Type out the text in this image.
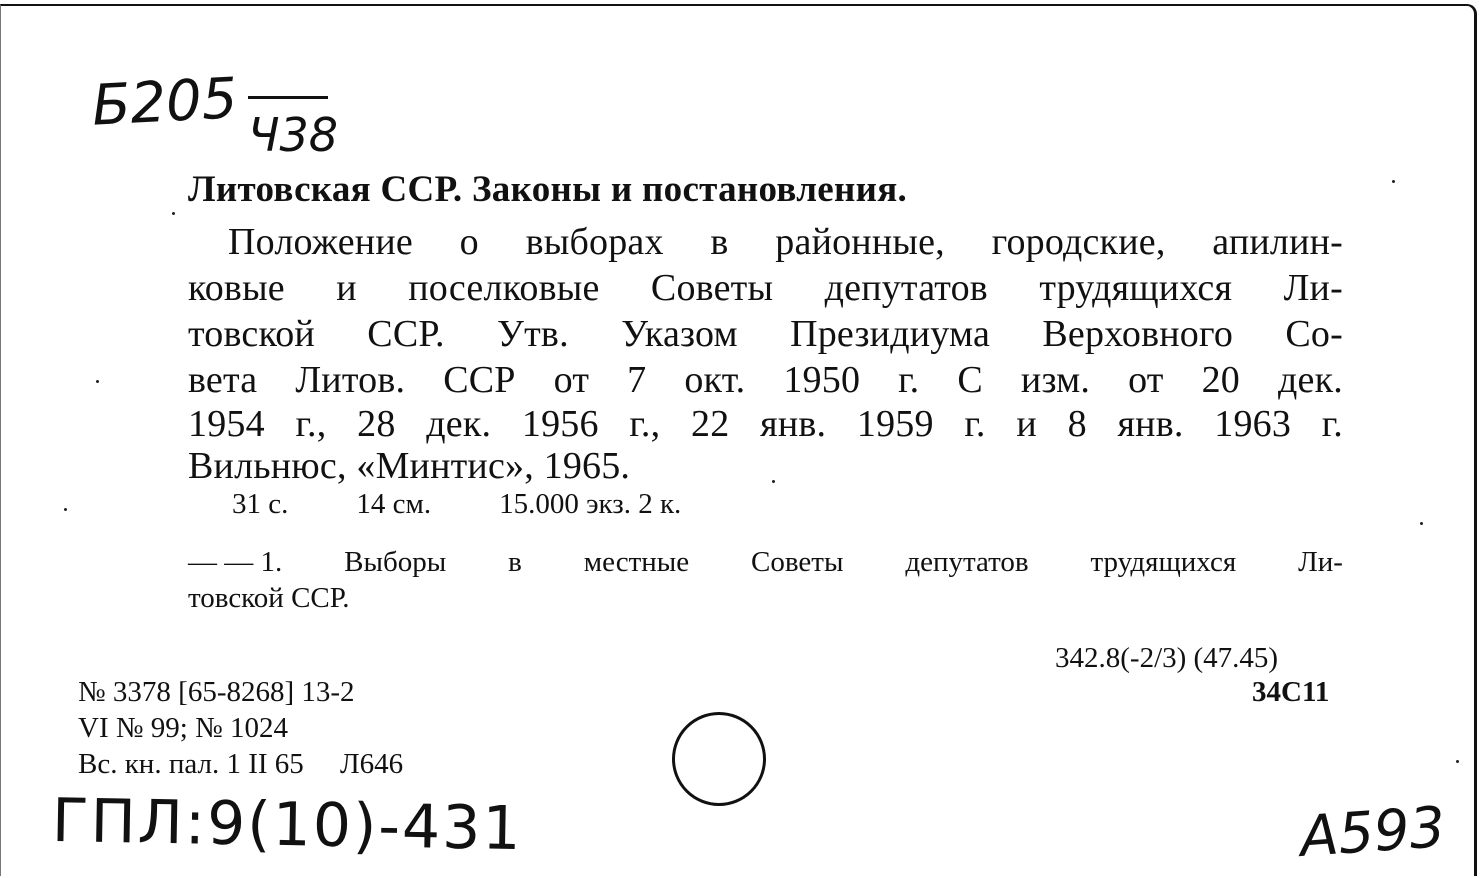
Б205 Ч38
Литовская ССР. Законы и постановления.
Положение о выборах в районные, городские, апилин-
ковые и поселковые Советы депутатов трудящихся Ли-
товской ССР. Утв. Указом Президиума Верховного Со-
вета Литов. ССР от 7 окт. 1950 г. С изм. от 20 дек.
1954 г., 28 дек. 1956 г., 22 янв. 1959 г. и 8 янв. 1963 г.
Вильнюс, «Минтис», 1965.
31 с. 14 см. 15.000 экз. 2 к.
— — 1. Выборы в местные Советы депутатов трудящихся Ли-
товской ССР.
342.8(-2/3) (47.45)
34С11
№ 3378 [65-8268] 13-2
VI № 99; № 1024
Вс. кн. пал. 1 II 65     Л646
ГПЛ:9(10)-431	А593
